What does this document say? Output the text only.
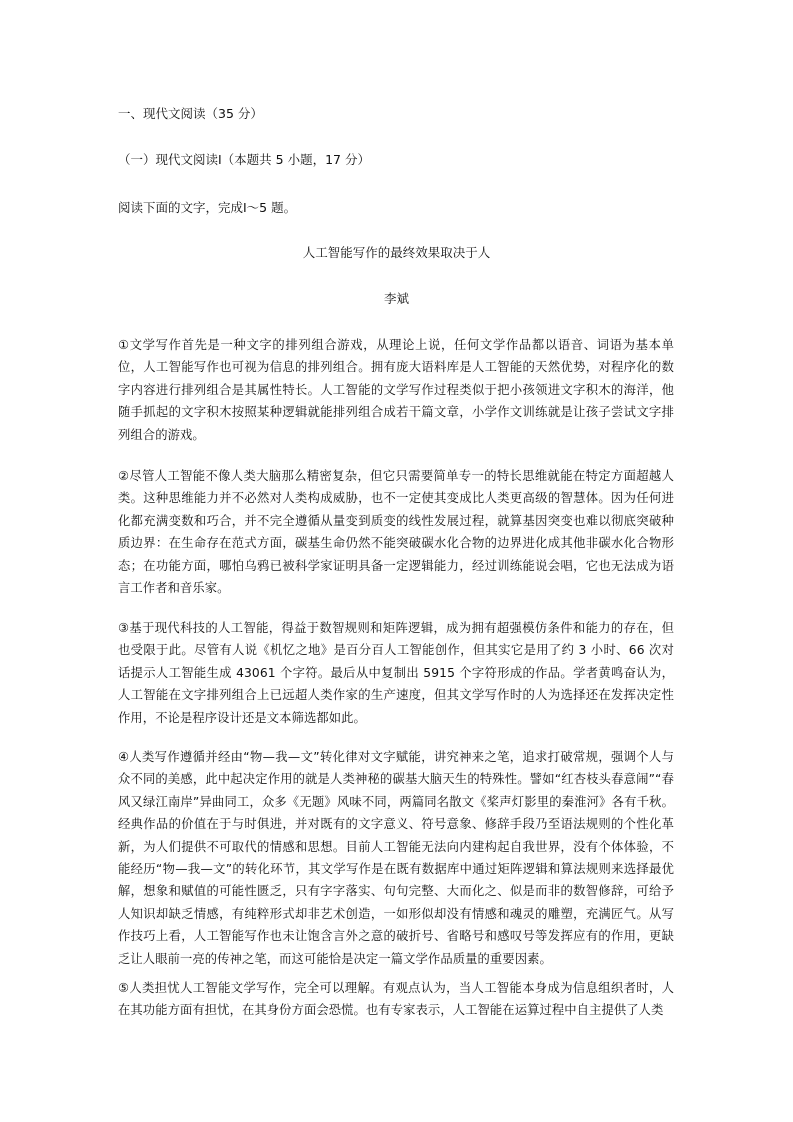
一、现代文阅读（35 分）
（一）现代文阅读Ⅰ（本题共 5 小题，17 分）
阅读下面的文字，完成Ⅰ～5 题。
人工智能写作的最终效果取决于人
李斌
①文学写作首先是一种文字的排列组合游戏，从理论上说，任何文学作品都以语音、词语为基本单位，人工智能写作也可视为信息的排列组合。拥有庞大语料库是人工智能的天然优势，对程序化的数字内容进行排列组合是其属性特长。人工智能的文学写作过程类似于把小孩领进文字积木的海洋，他随手抓起的文字积木按照某种逻辑就能排列组合成若干篇文章，小学作文训练就是让孩子尝试文字排列组合的游戏。
②尽管人工智能不像人类大脑那么精密复杂，但它只需要简单专一的特长思维就能在特定方面超越人类。这种思维能力并不必然对人类构成威胁，也不一定使其变成比人类更高级的智慧体。因为任何进化都充满变数和巧合，并不完全遵循从量变到质变的线性发展过程，就算基因突变也难以彻底突破种质边界：在生命存在范式方面，碳基生命仍然不能突破碳水化合物的边界进化成其他非碳水化合物形态；在功能方面，哪怕乌鸦已被科学家证明具备一定逻辑能力，经过训练能说会唱，它也无法成为语言工作者和音乐家。
③基于现代科技的人工智能，得益于数智规则和矩阵逻辑，成为拥有超强模仿条件和能力的存在，但也受限于此。尽管有人说《机忆之地》是百分百人工智能创作，但其实它是用了约 3 小时、66 次对话提示人工智能生成 43061 个字符。最后从中复制出 5915 个字符形成的作品。学者黄鸣奋认为，人工智能在文字排列组合上已远超人类作家的生产速度，但其文学写作时的人为选择还在发挥决定性作用，不论是程序设计还是文本筛选都如此。
④人类写作遵循并经由“物—我—文”转化律对文字赋能，讲究神来之笔，追求打破常规，强调个人与众不同的美感，此中起决定作用的就是人类神秘的碳基大脑天生的特殊性。譬如“红杏枝头春意闹”“春风又绿江南岸”异曲同工，众多《无题》风味不同，两篇同名散文《桨声灯影里的秦淮河》各有千秋。经典作品的价值在于与时俱进，并对既有的文字意义、符号意象、修辞手段乃至语法规则的个性化革新，为人们提供不可取代的情感和思想。目前人工智能无法向内建构起自我世界，没有个体体验，不能经历“物—我—文”的转化环节，其文学写作是在既有数据库中通过矩阵逻辑和算法规则来选择最优解，想象和赋值的可能性匮乏，只有字字落实、句句完整、大而化之、似是而非的数智修辞，可给予人知识却缺乏情感，有纯粹形式却非艺术创造，一如形似却没有情感和魂灵的雕塑，充满匠气。从写作技巧上看，人工智能写作也未让饱含言外之意的破折号、省略号和感叹号等发挥应有的作用，更缺乏让人眼前一亮的传神之笔，而这可能恰是决定一篇文学作品质量的重要因素。
⑤人类担忧人工智能文学写作，完全可以理解。有观点认为，当人工智能本身成为信息组织者时，人在其功能方面有担忧，在其身份方面会恐慌。也有专家表示，人工智能在运算过程中自主提供了人类
